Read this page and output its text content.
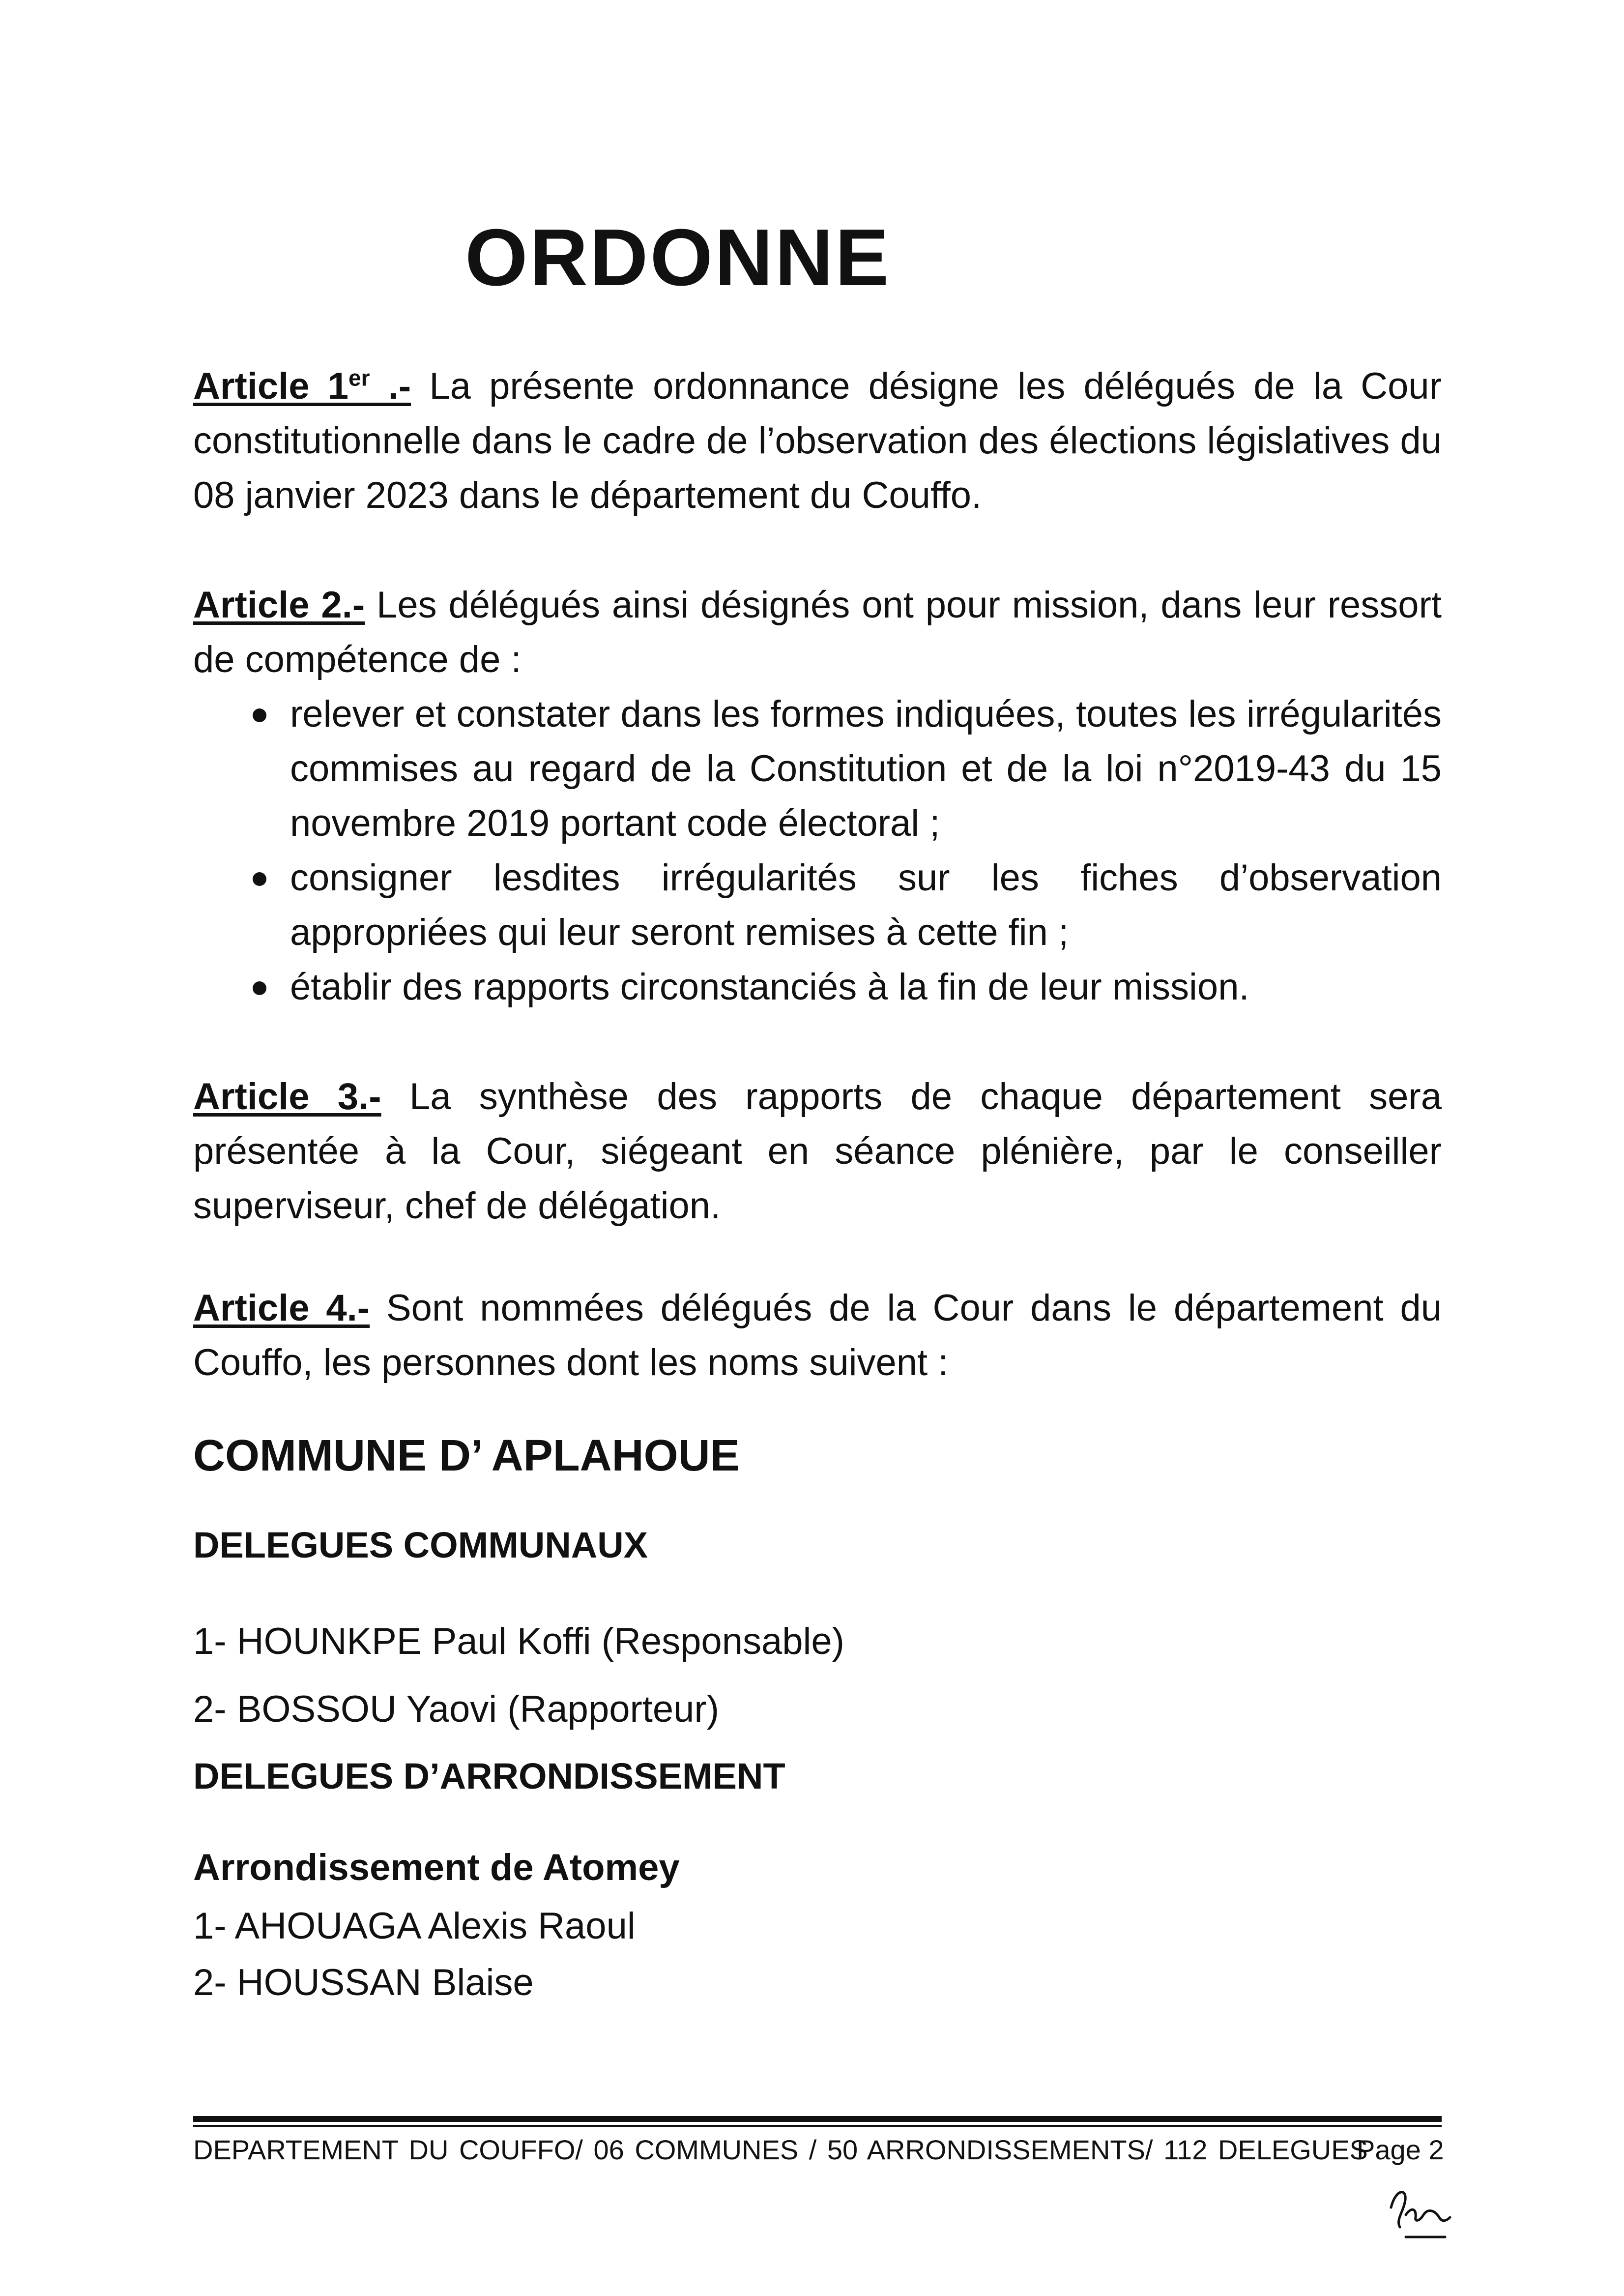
ORDONNE

Article 1er .- La présente ordonnance désigne les délégués de la Cour constitutionnelle dans le cadre de l’observation des élections législatives du 08 janvier 2023 dans le département du Couffo.

Article 2.- Les délégués ainsi désignés ont pour mission, dans leur ressort de compétence de :

relever et constater dans les formes indiquées, toutes les irrégularités commises au regard de la Constitution et de la loi n°2019-43 du 15 novembre 2019 portant code électoral ;
consigner lesdites irrégularités sur les fiches d’observation appropriées qui leur seront remises à cette fin ;
établir des rapports circonstanciés à la fin de leur mission.

Article 3.- La synthèse des rapports de chaque département sera présentée à la Cour, siégeant en séance plénière, par le conseiller superviseur, chef de délégation.

Article 4.- Sont nommées délégués de la Cour dans le département du Couffo, les personnes dont les noms suivent :

COMMUNE D’ APLAHOUE
DELEGUES COMMUNAUX
1- HOUNKPE Paul Koffi (Responsable)
2- BOSSOU Yaovi (Rapporteur)
DELEGUES D’ARRONDISSEMENT
Arrondissement de Atomey
1- AHOUAGA Alexis Raoul
2- HOUSSAN Blaise
DEPARTEMENT DU COUFFO/ 06 COMMUNES / 50 ARRONDISSEMENTS/ 112 DELEGUES
Page 2
